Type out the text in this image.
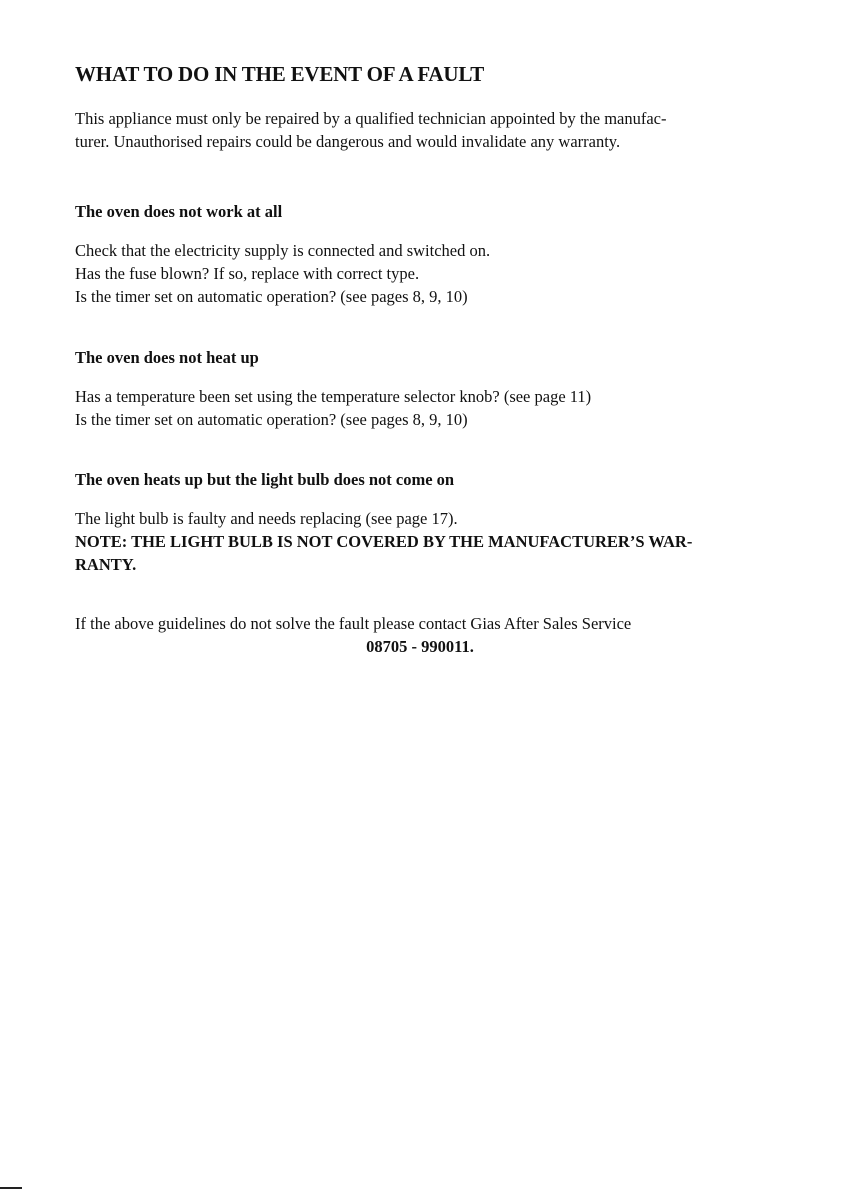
WHAT TO DO IN THE EVENT OF A FAULT

This appliance must only be repaired by a qualified technician appointed by the manufac-
turer. Unauthorised repairs could be dangerous and would invalidate any warranty.

The oven does not work at all

Check that the electricity supply is connected and switched on.
Has the fuse blown? If so, replace with correct type.
Is the timer set on automatic operation? (see pages 8, 9, 10)

The oven does not heat up

Has a temperature been set using the temperature selector knob? (see page 11)
Is the timer set on automatic operation? (see pages 8, 9, 10)

The oven heats up but the light bulb does not come on

The light bulb is faulty and needs replacing (see page 17).

NOTE: THE LIGHT BULB IS NOT COVERED BY THE MANUFACTURER’S WAR-
RANTY.

If the above guidelines do not solve the fault please contact Gias After Sales Service

08705 - 990011.
